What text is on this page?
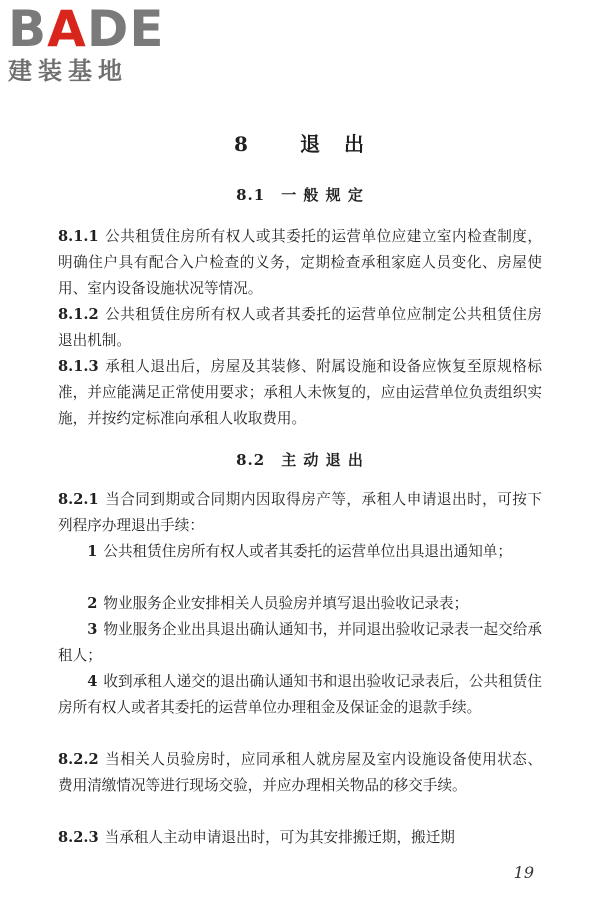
BADE
建装基地
8	退　出
8.1　一 般 规 定
8.1.1 公共租赁住房所有权人或其委托的运营单位应建立室内检查制度，明确住户具有配合入户检查的义务，定期检查承租家庭人员变化、房屋使用、室内设备设施状况等情况。
8.1.2 公共租赁住房所有权人或者其委托的运营单位应制定公共租赁住房退出机制。
8.1.3 承租人退出后，房屋及其装修、附属设施和设备应恢复至原规格标准，并应能满足正常使用要求；承租人未恢复的，应由运营单位负责组织实施，并按约定标准向承租人收取费用。
8.2　主 动 退 出
8.2.1 当合同到期或合同期内因取得房产等，承租人申请退出时，可按下列程序办理退出手续：
1 公共租赁住房所有权人或者其委托的运营单位出具退出通知单；
2 物业服务企业安排相关人员验房并填写退出验收记录表；
3 物业服务企业出具退出确认通知书，并同退出验收记录表一起交给承租人；
4 收到承租人递交的退出确认通知书和退出验收记录表后，公共租赁住房所有权人或者其委托的运营单位办理租金及保证金的退款手续。
8.2.2 当相关人员验房时，应同承租人就房屋及室内设施设备使用状态、费用清缴情况等进行现场交验，并应办理相关物品的移交手续。
8.2.3 当承租人主动申请退出时，可为其安排搬迁期，搬迁期
19
